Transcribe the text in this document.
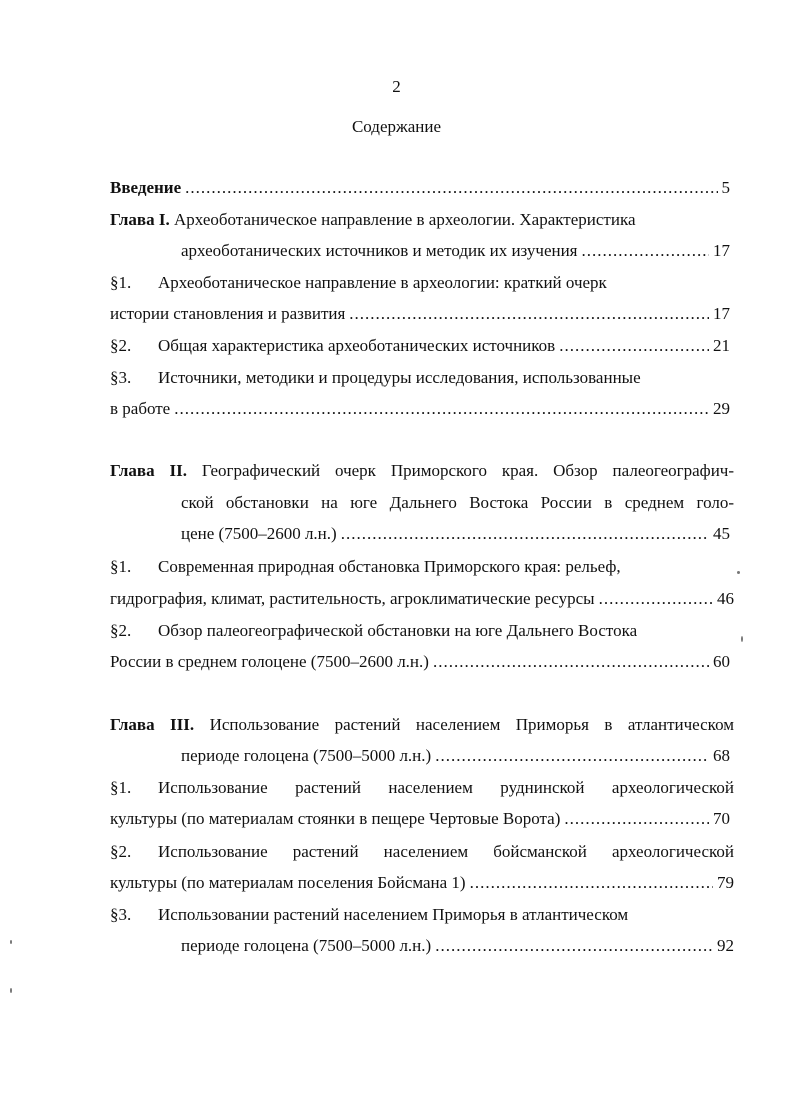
2
Содержание
Введение .....	5
Глава I. Археоботаническое направление в археологии. Характеристика
археоботанических источников и методик их изучения .....	17
§1. Археоботаническое направление в археологии: краткий очерк
истории становления и развития .....	17
§2. Общая характеристика археоботанических источников .....	21
§3. Источники, методики и процедуры исследования, использованные
в работе .....	29
Глава II. Географический очерк Приморского края. Обзор палеогеографич-
ской обстановки на юге Дальнего Востока России в среднем голо-
цене (7500–2600 л.н.) .....	45
§1. Современная природная обстановка Приморского края: рельеф,
гидрография, климат, растительность, агроклиматические ресурсы .....	46
§2. Обзор палеогеографической обстановки на юге Дальнего Востока
России в среднем голоцене (7500–2600 л.н.) .....	60
Глава III. Использование растений населением Приморья в атлантическом
периоде голоцена (7500–5000 л.н.) .....	68
§1. Использование растений населением руднинской археологической
культуры (по материалам стоянки в пещере Чертовые Ворота) .....	70
§2. Использование растений населением бойсманской археологической
культуры (по материалам поселения Бойсмана 1) .....	79
§3. Использовании растений населением Приморья в атлантическом
периоде голоцена (7500–5000 л.н.) .....	92
